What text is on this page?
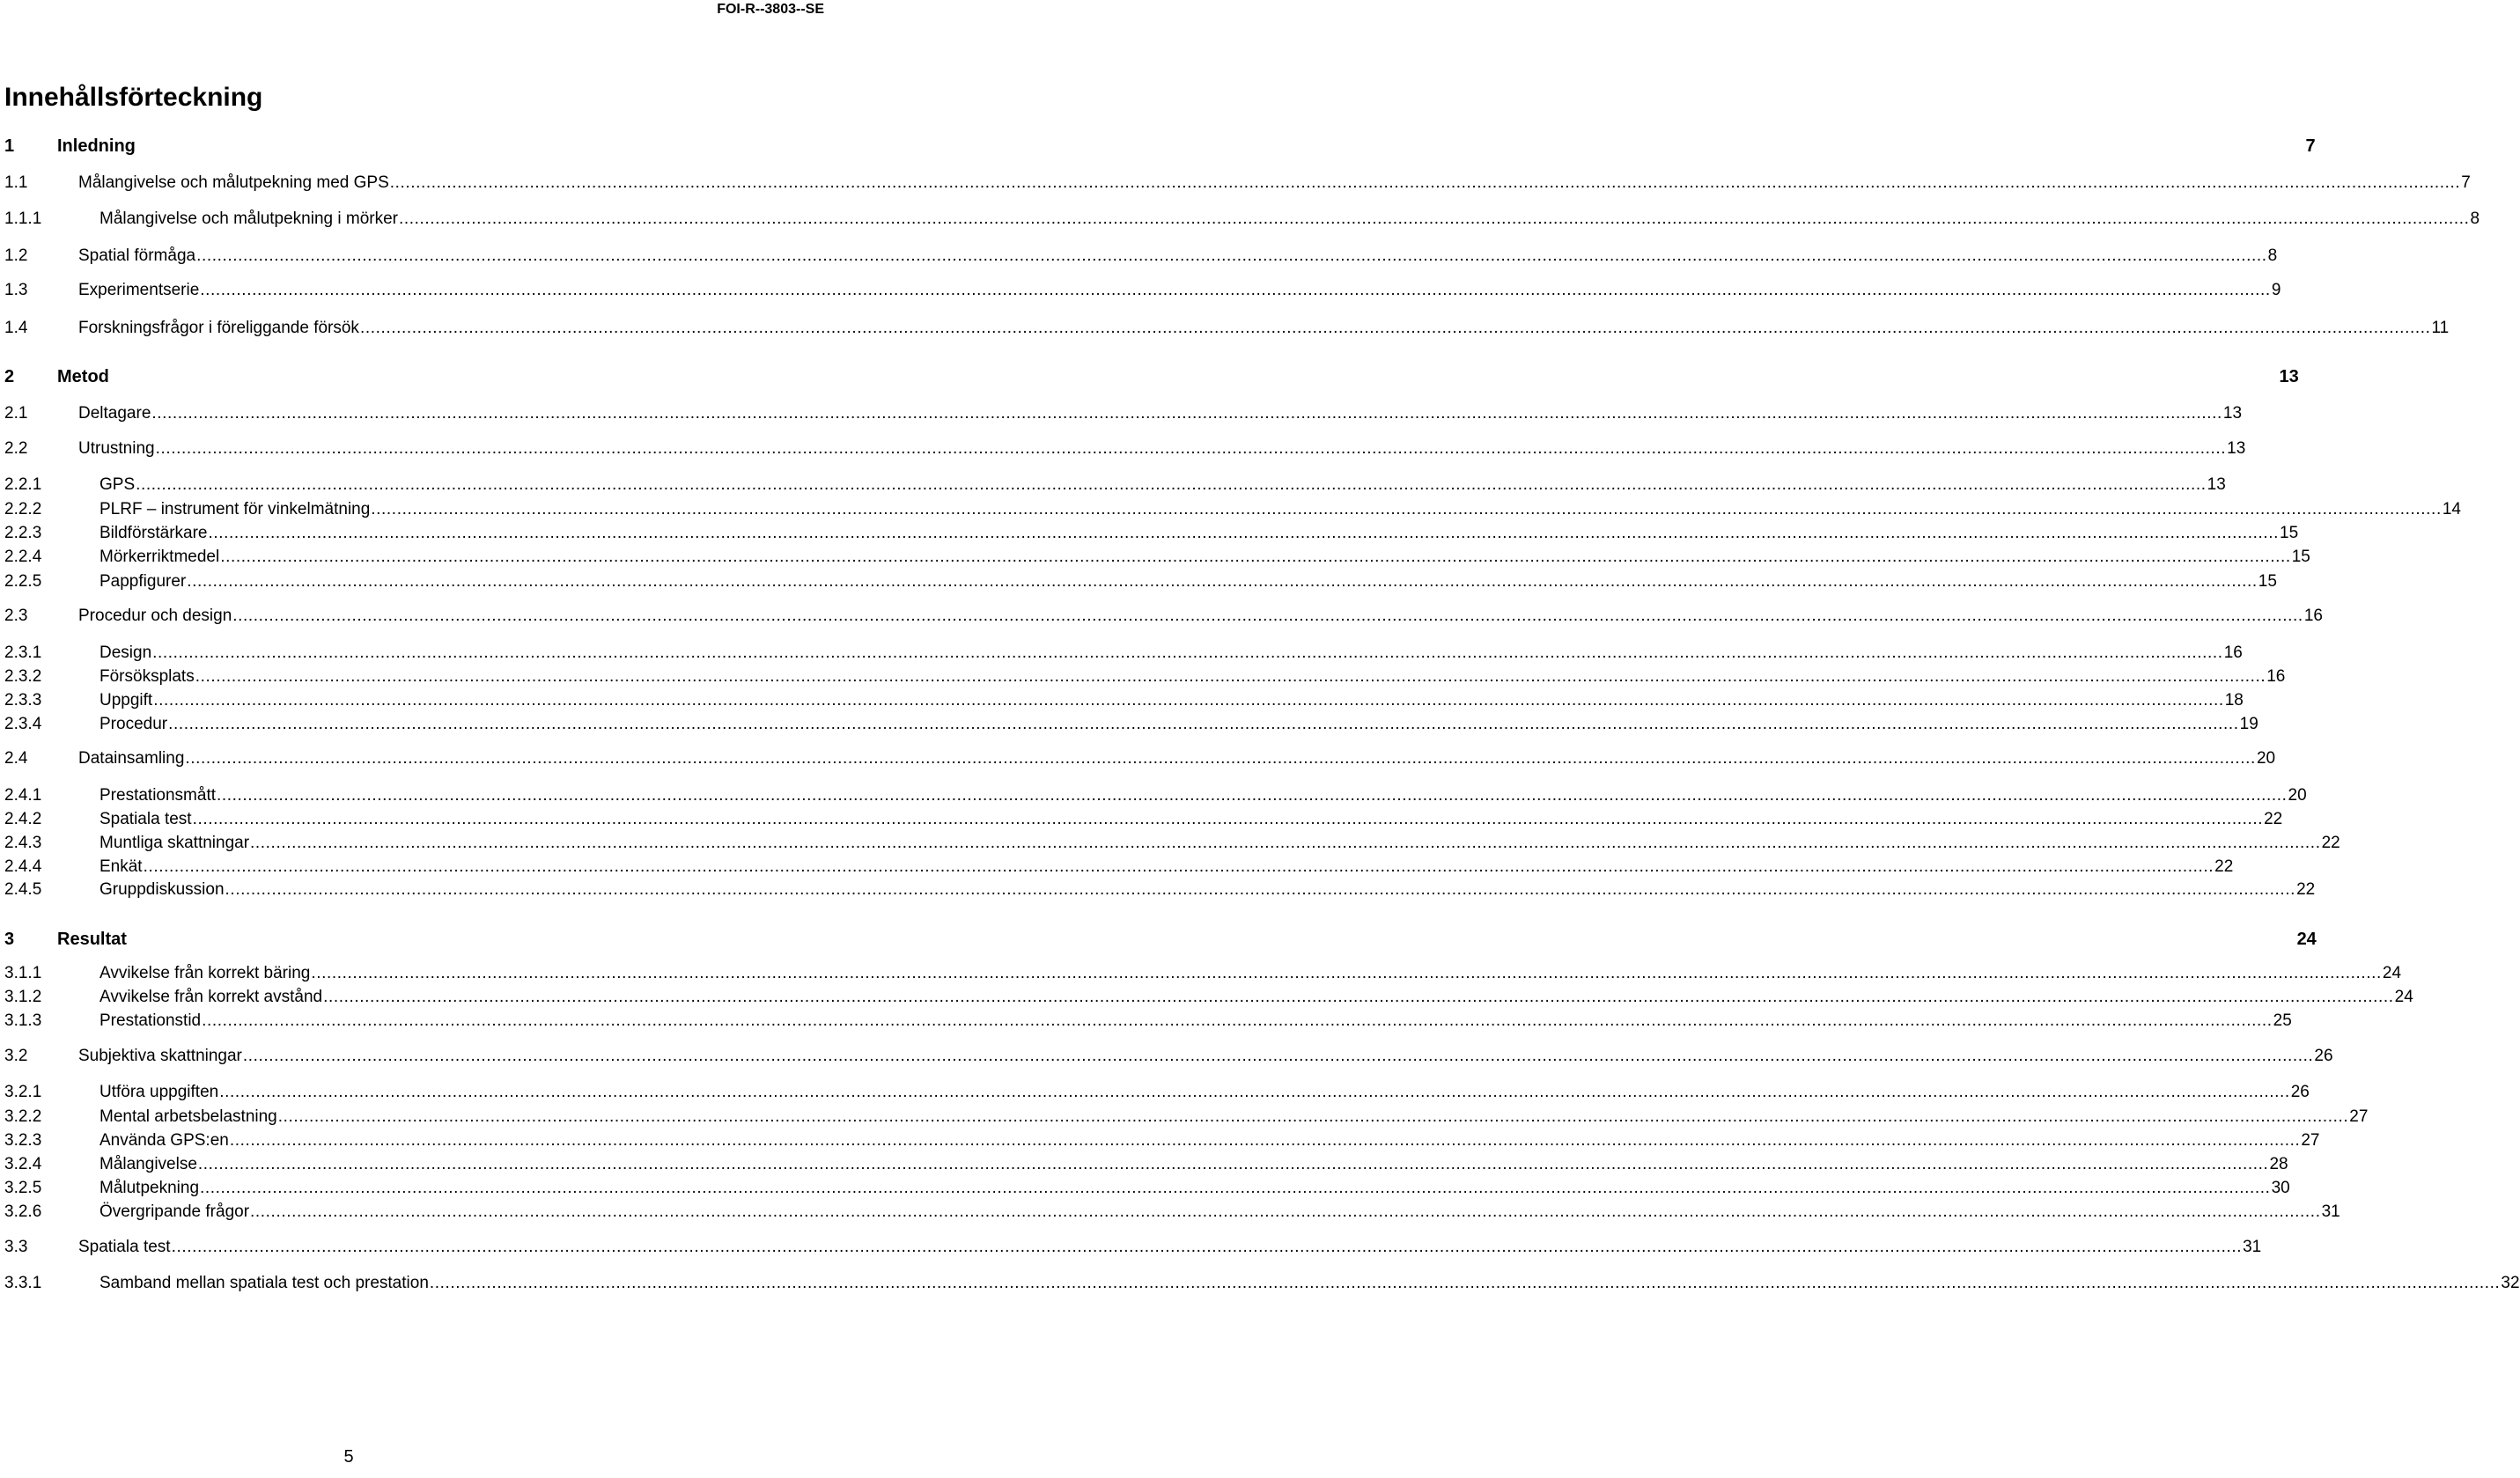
FOI-R--3803--SE
Innehållsförteckning
1 Inledning	7
1.1	Målangivelse och målutpekning med GPS ................................................................................................................................................................................................................................................................................................................................................................................................................ 7
1.1.1	Målangivelse och målutpekning i mörker ................................................................................................................................................................................................................................................................................................................................................................................................................ 8
1.2	Spatial förmåga ................................................................................................................................................................................................................................................................................................................................................................................................................ 8
1.3	Experimentserie ................................................................................................................................................................................................................................................................................................................................................................................................................ 9
1.4	Forskningsfrågor i föreliggande försök ................................................................................................................................................................................................................................................................................................................................................................................................................ 11
2 Metod	13
2.1	Deltagare ................................................................................................................................................................................................................................................................................................................................................................................................................ 13
2.2	Utrustning ................................................................................................................................................................................................................................................................................................................................................................................................................ 13
2.2.1	GPS ................................................................................................................................................................................................................................................................................................................................................................................................................ 13
2.2.2	PLRF – instrument för vinkelmätning ................................................................................................................................................................................................................................................................................................................................................................................................................ 14
2.2.3	Bildförstärkare ................................................................................................................................................................................................................................................................................................................................................................................................................ 15
2.2.4	Mörkerriktmedel ................................................................................................................................................................................................................................................................................................................................................................................................................ 15
2.2.5	Pappfigurer ................................................................................................................................................................................................................................................................................................................................................................................................................ 15
2.3	Procedur och design ................................................................................................................................................................................................................................................................................................................................................................................................................ 16
2.3.1	Design ................................................................................................................................................................................................................................................................................................................................................................................................................ 16
2.3.2	Försöksplats ................................................................................................................................................................................................................................................................................................................................................................................................................ 16
2.3.3	Uppgift ................................................................................................................................................................................................................................................................................................................................................................................................................ 18
2.3.4	Procedur ................................................................................................................................................................................................................................................................................................................................................................................................................ 19
2.4	Datainsamling ................................................................................................................................................................................................................................................................................................................................................................................................................ 20
2.4.1	Prestationsmått ................................................................................................................................................................................................................................................................................................................................................................................................................ 20
2.4.2	Spatiala test ................................................................................................................................................................................................................................................................................................................................................................................................................ 22
2.4.3	Muntliga skattningar ................................................................................................................................................................................................................................................................................................................................................................................................................ 22
2.4.4	Enkät ................................................................................................................................................................................................................................................................................................................................................................................................................ 22
2.4.5	Gruppdiskussion ................................................................................................................................................................................................................................................................................................................................................................................................................ 22
3 Resultat	24
3.1.1	Avvikelse från korrekt bäring ................................................................................................................................................................................................................................................................................................................................................................................................................ 24
3.1.2	Avvikelse från korrekt avstånd ................................................................................................................................................................................................................................................................................................................................................................................................................ 24
3.1.3	Prestationstid ................................................................................................................................................................................................................................................................................................................................................................................................................ 25
3.2	Subjektiva skattningar ................................................................................................................................................................................................................................................................................................................................................................................................................ 26
3.2.1	Utföra uppgiften ................................................................................................................................................................................................................................................................................................................................................................................................................ 26
3.2.2	Mental arbetsbelastning ................................................................................................................................................................................................................................................................................................................................................................................................................ 27
3.2.3	Använda GPS:en ................................................................................................................................................................................................................................................................................................................................................................................................................ 27
3.2.4	Målangivelse ................................................................................................................................................................................................................................................................................................................................................................................................................ 28
3.2.5	Målutpekning ................................................................................................................................................................................................................................................................................................................................................................................................................ 30
3.2.6	Övergripande frågor ................................................................................................................................................................................................................................................................................................................................................................................................................ 31
3.3	Spatiala test ................................................................................................................................................................................................................................................................................................................................................................................................................ 31
3.3.1	Samband mellan spatiala test och prestation ................................................................................................................................................................................................................................................................................................................................................................................................................ 32
5
